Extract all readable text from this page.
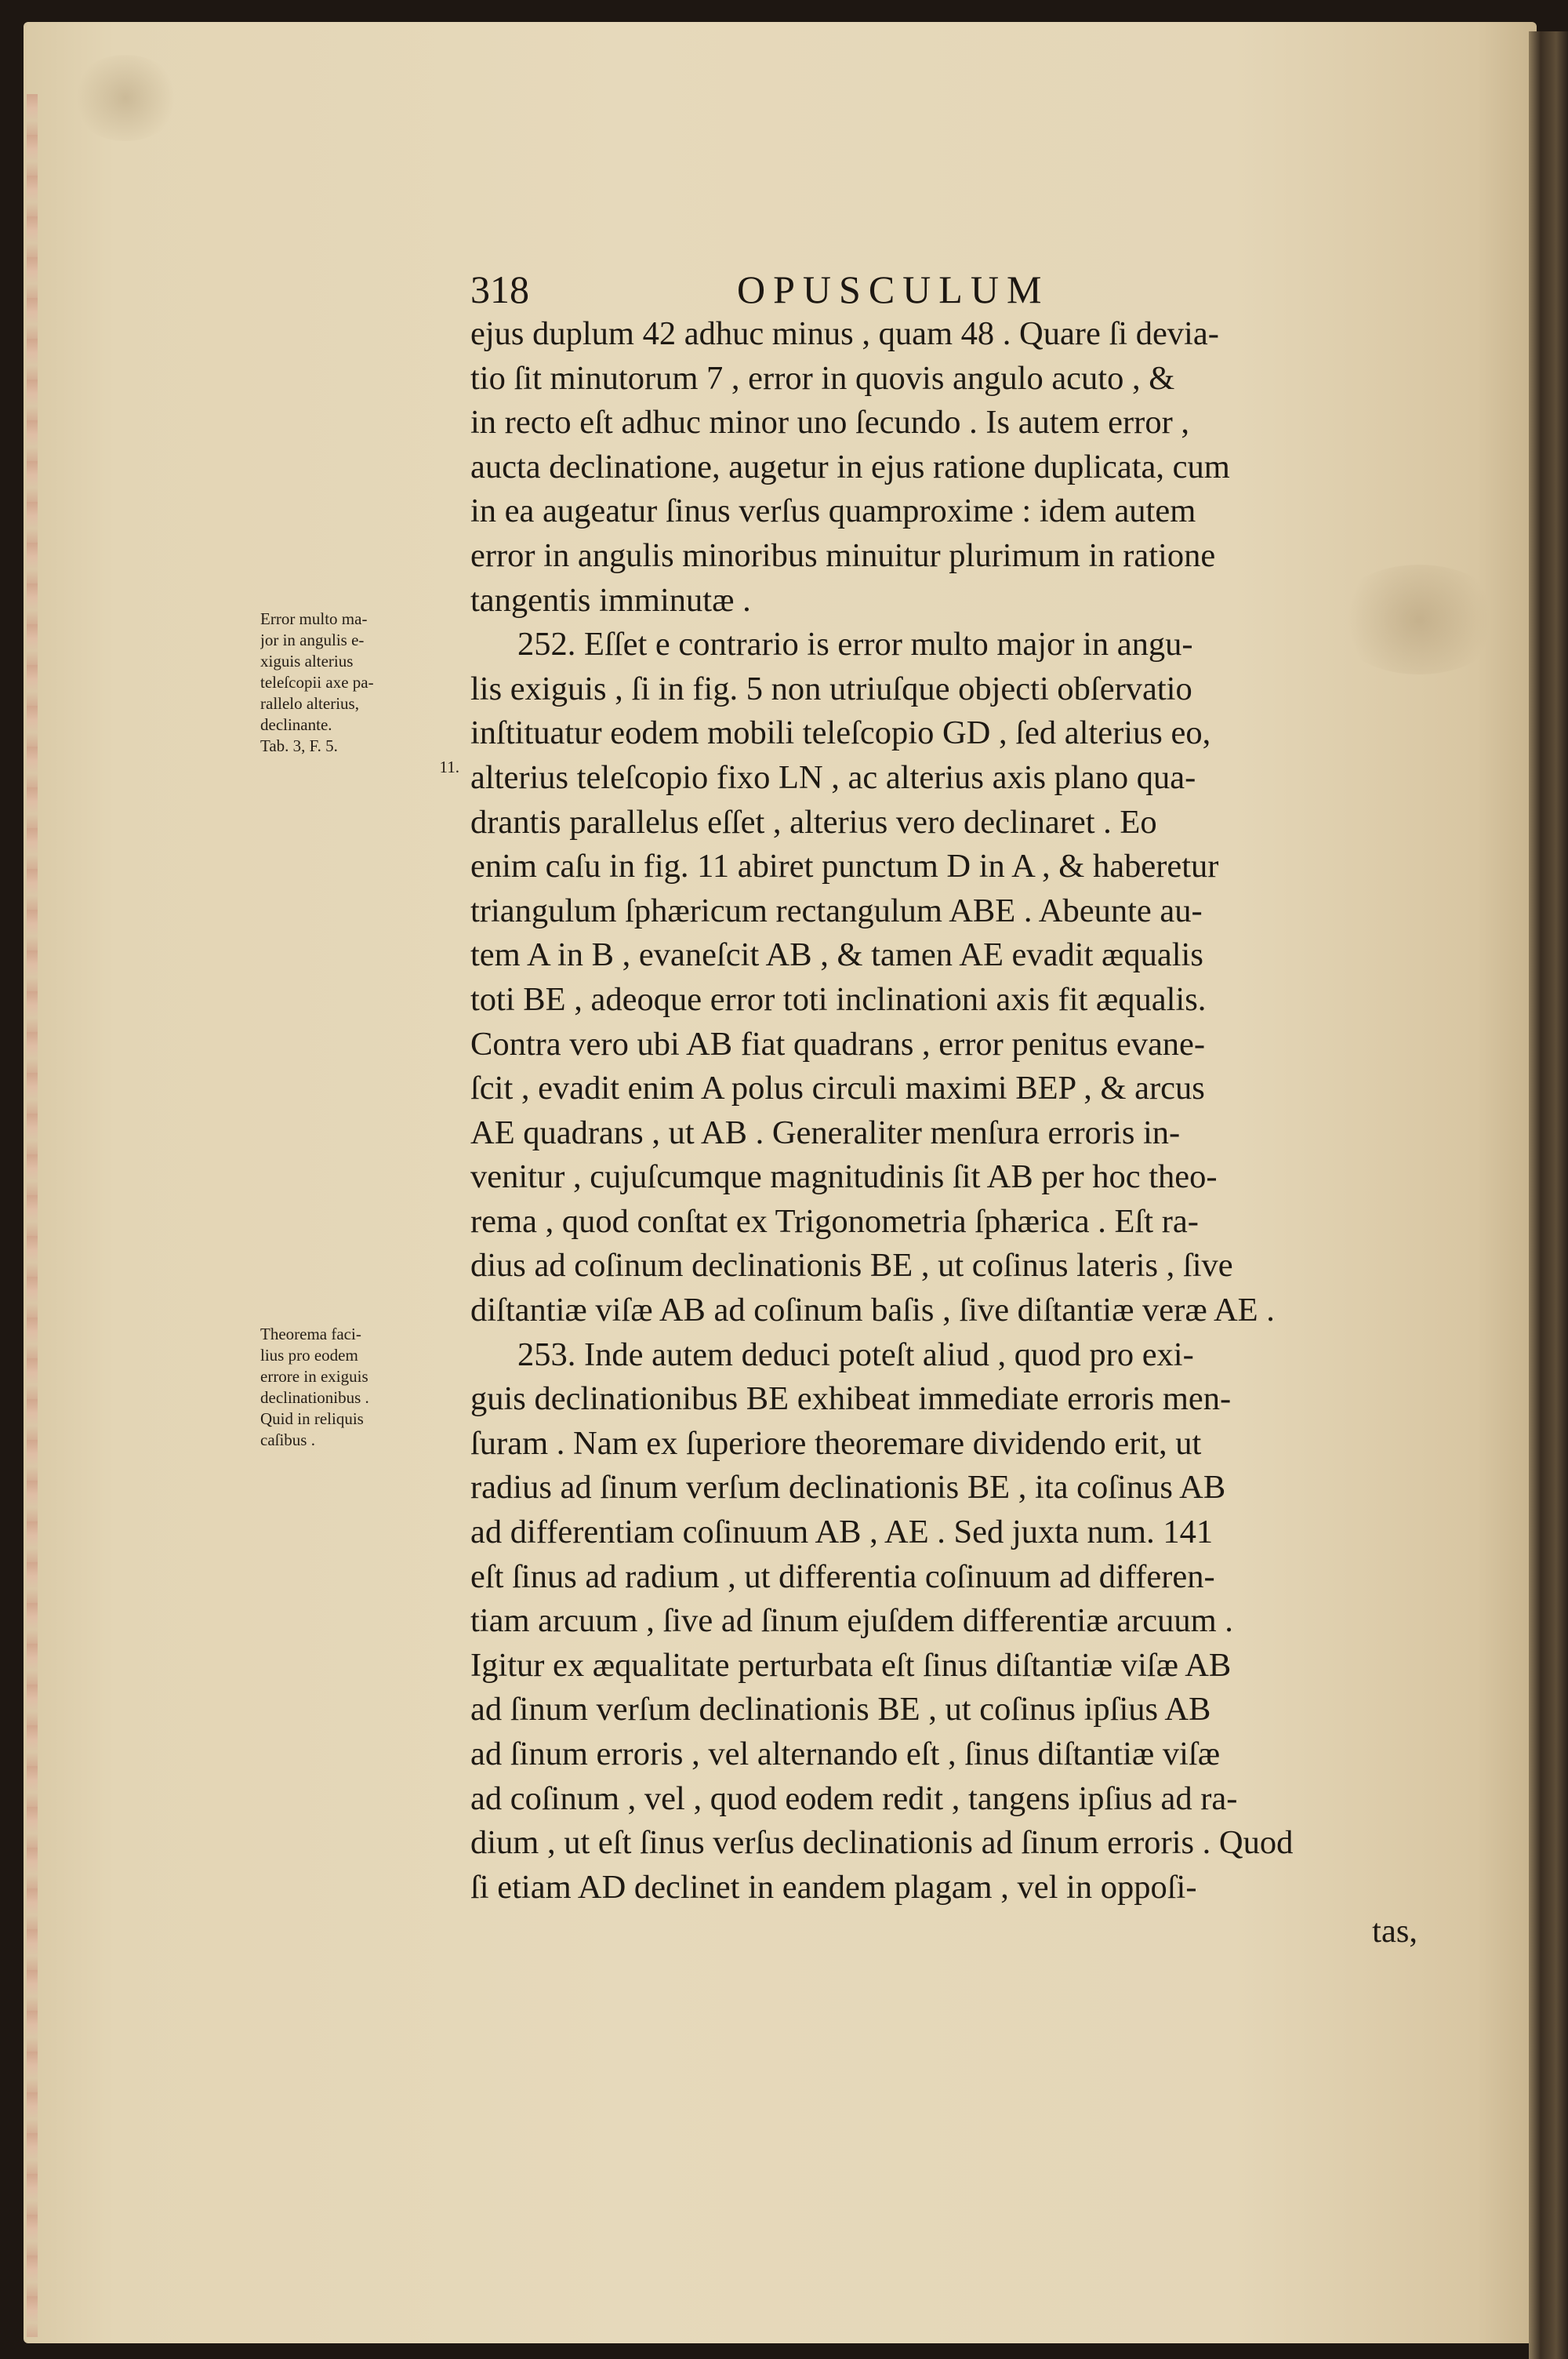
318	OPUSCULUM
ejus duplum 42 adhuc minus , quam 48 . Quare ſi devia-
tio ſit minutorum 7 , error in quovis angulo acuto , &
in recto eſt adhuc minor uno ſecundo . Is autem error ,
aucta declinatione, augetur in ejus ratione duplicata, cum
in ea augeatur ſinus verſus quamproxime : idem autem
error in angulis minoribus minuitur plurimum in ratione
tangentis imminutæ .
252. Eſſet e contrario is error multo major in angu-
lis exiguis , ſi in fig. 5 non utriuſque objecti obſervatio
inſtituatur eodem mobili teleſcopio GD , ſed alterius eo,
alterius teleſcopio fixo LN , ac alterius axis plano qua-
drantis parallelus eſſet , alterius vero declinaret . Eo
enim caſu in fig. 11 abiret punctum D in A , & haberetur
triangulum ſphæricum rectangulum ABE . Abeunte au-
tem A in B , evaneſcit AB , & tamen AE evadit æqualis
toti BE , adeoque error toti inclinationi axis fit æqualis.
Contra vero ubi AB fiat quadrans , error penitus evane-
ſcit , evadit enim A polus circuli maximi BEP , & arcus
AE quadrans , ut AB . Generaliter menſura erroris in-
venitur , cujuſcumque magnitudinis ſit AB per hoc theo-
rema , quod conſtat ex Trigonometria ſphærica . Eſt ra-
dius ad coſinum declinationis BE , ut coſinus lateris , ſive
diſtantiæ viſæ AB ad coſinum baſis , ſive diſtantiæ veræ AE .
253. Inde autem deduci poteſt aliud , quod pro exi-
guis declinationibus BE exhibeat immediate erroris men-
ſuram . Nam ex ſuperiore theoremare dividendo erit, ut
radius ad ſinum verſum declinationis BE , ita coſinus AB
ad differentiam coſinuum AB , AE . Sed juxta num. 141
eſt ſinus ad radium , ut differentia coſinuum ad differen-
tiam arcuum , ſive ad ſinum ejuſdem differentiæ arcuum .
Igitur ex æqualitate perturbata eſt ſinus diſtantiæ viſæ AB
ad ſinum verſum declinationis BE , ut coſinus ipſius AB
ad ſinum erroris , vel alternando eſt , ſinus diſtantiæ viſæ
ad coſinum , vel , quod eodem redit , tangens ipſius ad ra-
dium , ut eſt ſinus verſus declinationis ad ſinum erroris . Quod
ſi etiam AD declinet in eandem plagam , vel in oppoſi-
tas,
Error multo ma-
jor in angulis e-
xiguis alterius
teleſcopii axe pa-
rallelo alterius,
declinante.
Tab. 3, F. 5.
11.
Theorema faci-
lius pro eodem
errore in exiguis
declinationibus .
Quid in reliquis
caſibus .
